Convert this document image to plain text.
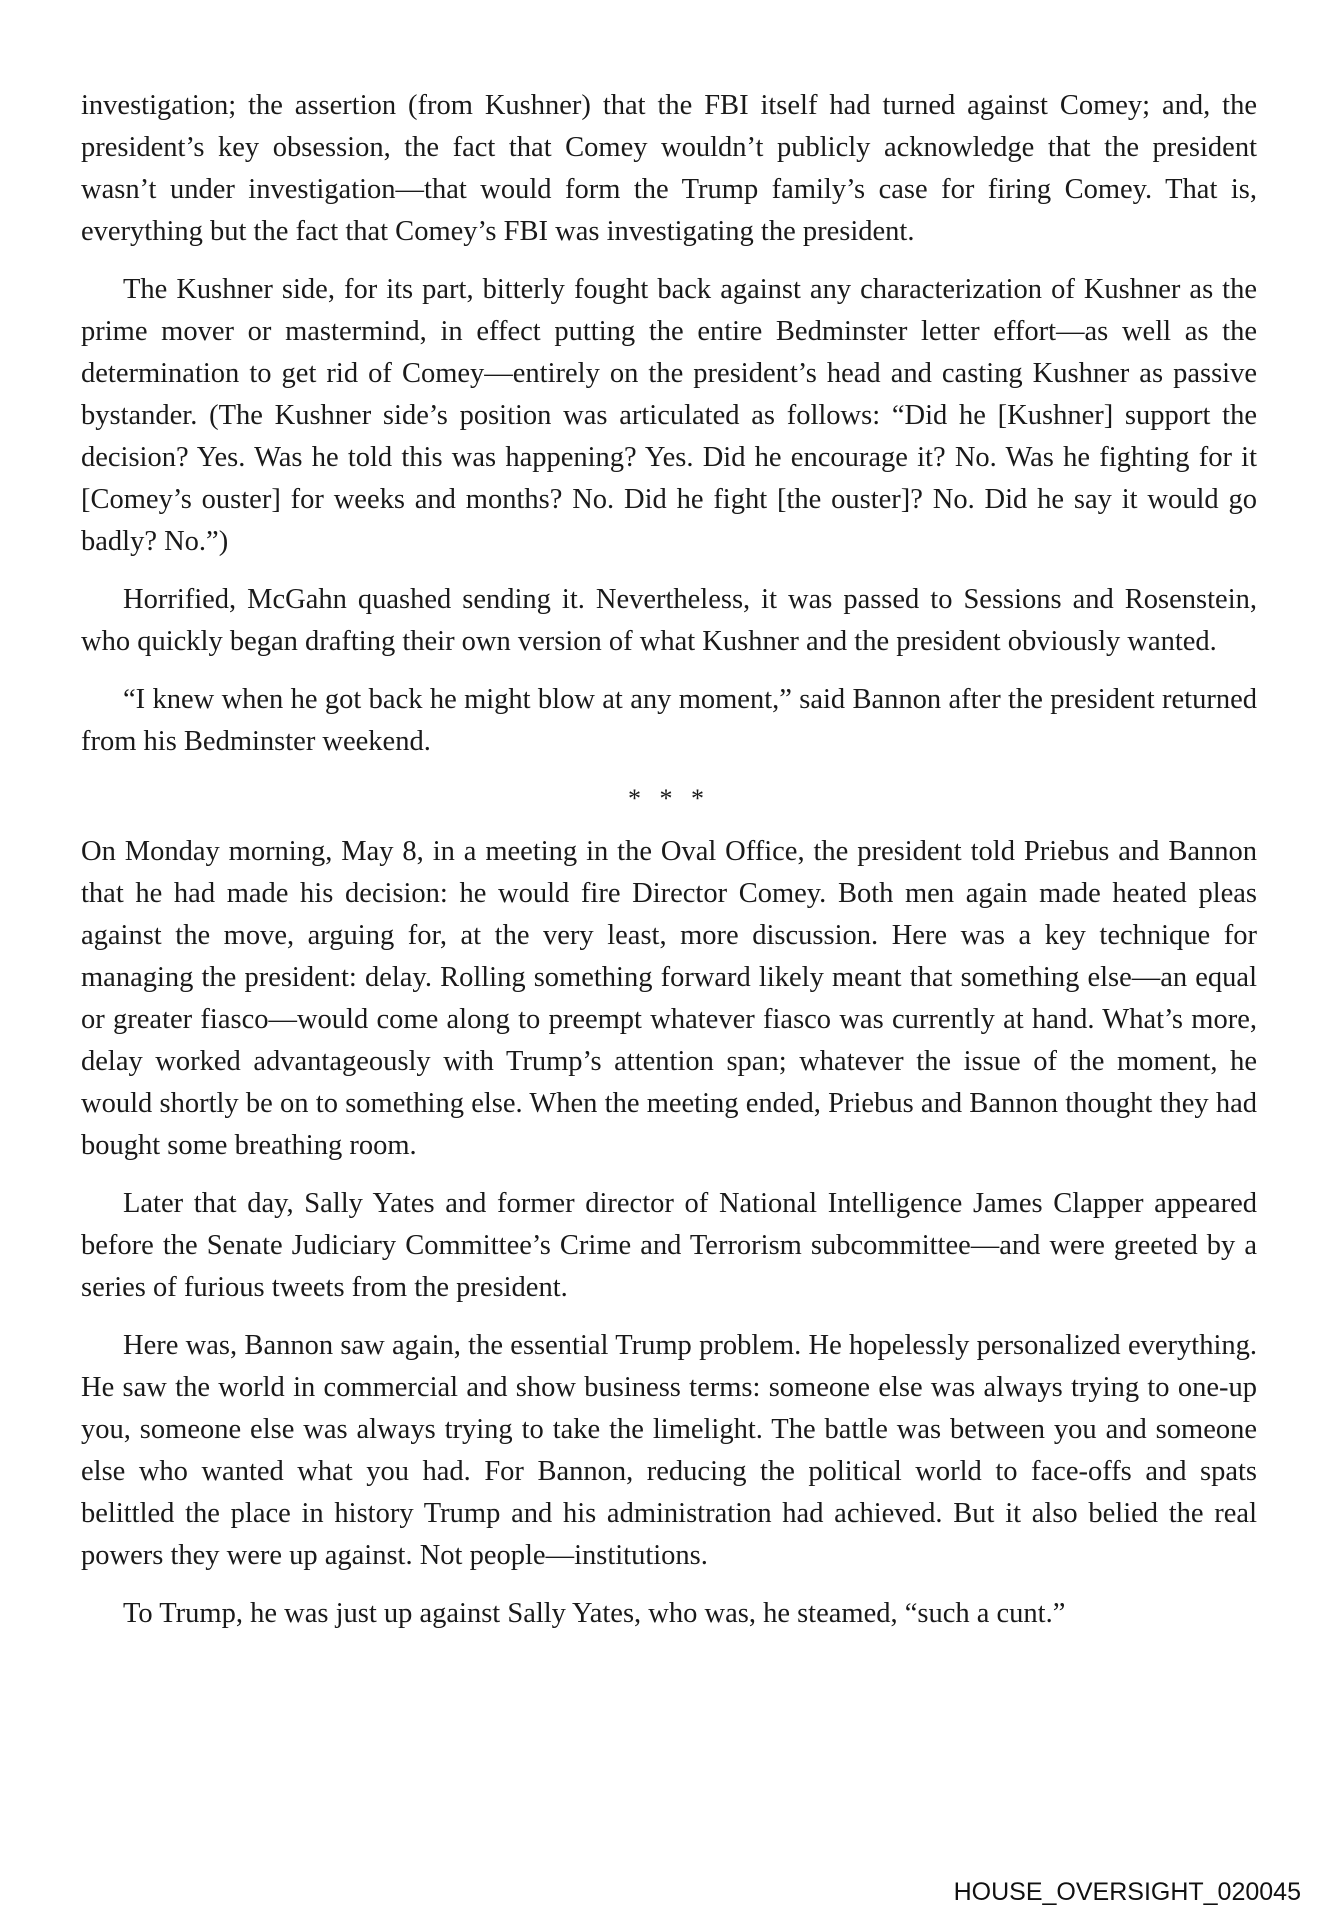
investigation; the assertion (from Kushner) that the FBI itself had turned against Comey; and, the president’s key obsession, the fact that Comey wouldn’t publicly acknowledge that the president wasn’t under investigation—that would form the Trump family’s case for firing Comey. That is, everything but the fact that Comey’s FBI was investigating the president.

The Kushner side, for its part, bitterly fought back against any characterization of Kushner as the prime mover or mastermind, in effect putting the entire Bedminster letter effort—as well as the determination to get rid of Comey—entirely on the president’s head and casting Kushner as passive bystander. (The Kushner side’s position was articulated as follows: “Did he [Kushner] support the decision? Yes. Was he told this was happening? Yes. Did he encourage it? No. Was he fighting for it [Comey’s ouster] for weeks and months? No. Did he fight [the ouster]? No. Did he say it would go badly? No.”)

Horrified, McGahn quashed sending it. Nevertheless, it was passed to Sessions and Rosenstein, who quickly began drafting their own version of what Kushner and the president obviously wanted.

“I knew when he got back he might blow at any moment,” said Bannon after the president returned from his Bedminster weekend.

* * *

On Monday morning, May 8, in a meeting in the Oval Office, the president told Priebus and Bannon that he had made his decision: he would fire Director Comey. Both men again made heated pleas against the move, arguing for, at the very least, more discussion. Here was a key technique for managing the president: delay. Rolling something forward likely meant that something else—an equal or greater fiasco—would come along to preempt whatever fiasco was currently at hand. What’s more, delay worked advantageously with Trump’s attention span; whatever the issue of the moment, he would shortly be on to something else. When the meeting ended, Priebus and Bannon thought they had bought some breathing room.

Later that day, Sally Yates and former director of National Intelligence James Clapper appeared before the Senate Judiciary Committee’s Crime and Terrorism subcommittee—and were greeted by a series of furious tweets from the president.

Here was, Bannon saw again, the essential Trump problem. He hopelessly personalized everything. He saw the world in commercial and show business terms: someone else was always trying to one-up you, someone else was always trying to take the limelight. The battle was between you and someone else who wanted what you had. For Bannon, reducing the political world to face-offs and spats belittled the place in history Trump and his administration had achieved. But it also belied the real powers they were up against. Not people—institutions.

To Trump, he was just up against Sally Yates, who was, he steamed, “such a cunt.”

HOUSE_OVERSIGHT_020045
